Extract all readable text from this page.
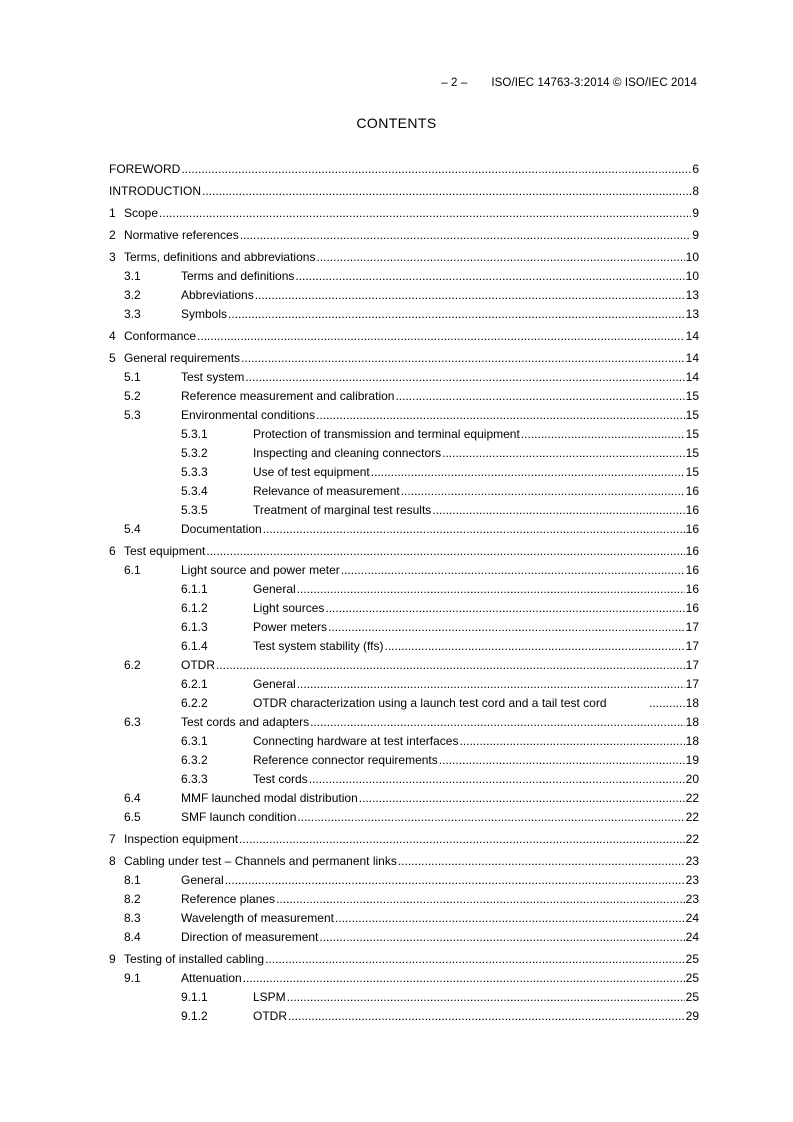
– 2 – ISO/IEC 14763-3:2014 © ISO/IEC 2014
CONTENTS
FOREWORD .....	6
INTRODUCTION .....	8
1 Scope .....	9
2 Normative references .....	9
3 Terms, definitions and abbreviations .....	10
3.1	Terms and definitions .....	10
3.2	Abbreviations .....	13
3.3	Symbols .....	13
4 Conformance .....	14
5 General requirements .....	14
5.1	Test system .....	14
5.2	Reference measurement and calibration .....	15
5.3	Environmental conditions .....	15
5.3.1	Protection of transmission and terminal equipment .....	15
5.3.2	Inspecting and cleaning connectors .....	15
5.3.3	Use of test equipment .....	15
5.3.4	Relevance of measurement .....	16
5.3.5	Treatment of marginal test results .....	16
5.4	Documentation .....	16
6 Test equipment .....	16
6.1	Light source and power meter .....	16
6.1.1	General .....	16
6.1.2	Light sources .....	16
6.1.3	Power meters .....	17
6.1.4	Test system stability (ffs) .....	17
6.2	OTDR .....	17
6.2.1	General .....	17
6.2.2	OTDR characterization using a launch test cord and a tail test cord .....	18
6.3	Test cords and adapters .....	18
6.3.1	Connecting hardware at test interfaces .....	18
6.3.2	Reference connector requirements .....	19
6.3.3	Test cords .....	20
6.4	MMF launched modal distribution .....	22
6.5	SMF launch condition .....	22
7 Inspection equipment .....	22
8 Cabling under test – Channels and permanent links .....	23
8.1	General .....	23
8.2	Reference planes .....	23
8.3	Wavelength of measurement .....	24
8.4	Direction of measurement .....	24
9 Testing of installed cabling .....	25
9.1	Attenuation .....	25
9.1.1	LSPM .....	25
9.1.2	OTDR .....	29
